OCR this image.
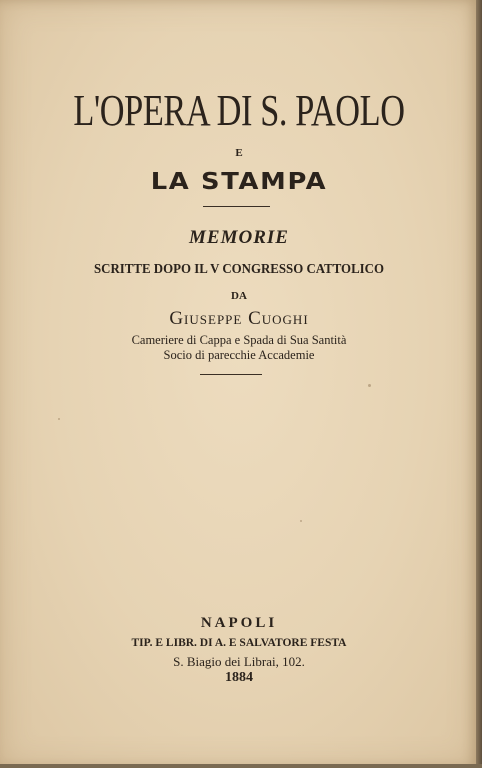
L'OPERA DI S. PAOLO
E
LA STAMPA
MEMORIE
SCRITTE DOPO IL V CONGRESSO CATTOLICO
DA
Giuseppe Cuoghi
Cameriere di Cappa e Spada di Sua Santità
Socio di parecchie Accademie
NAPOLI
TIP. E LIBR. DI A. E SALVATORE FESTA
S. Biagio dei Librai, 102.
1884
